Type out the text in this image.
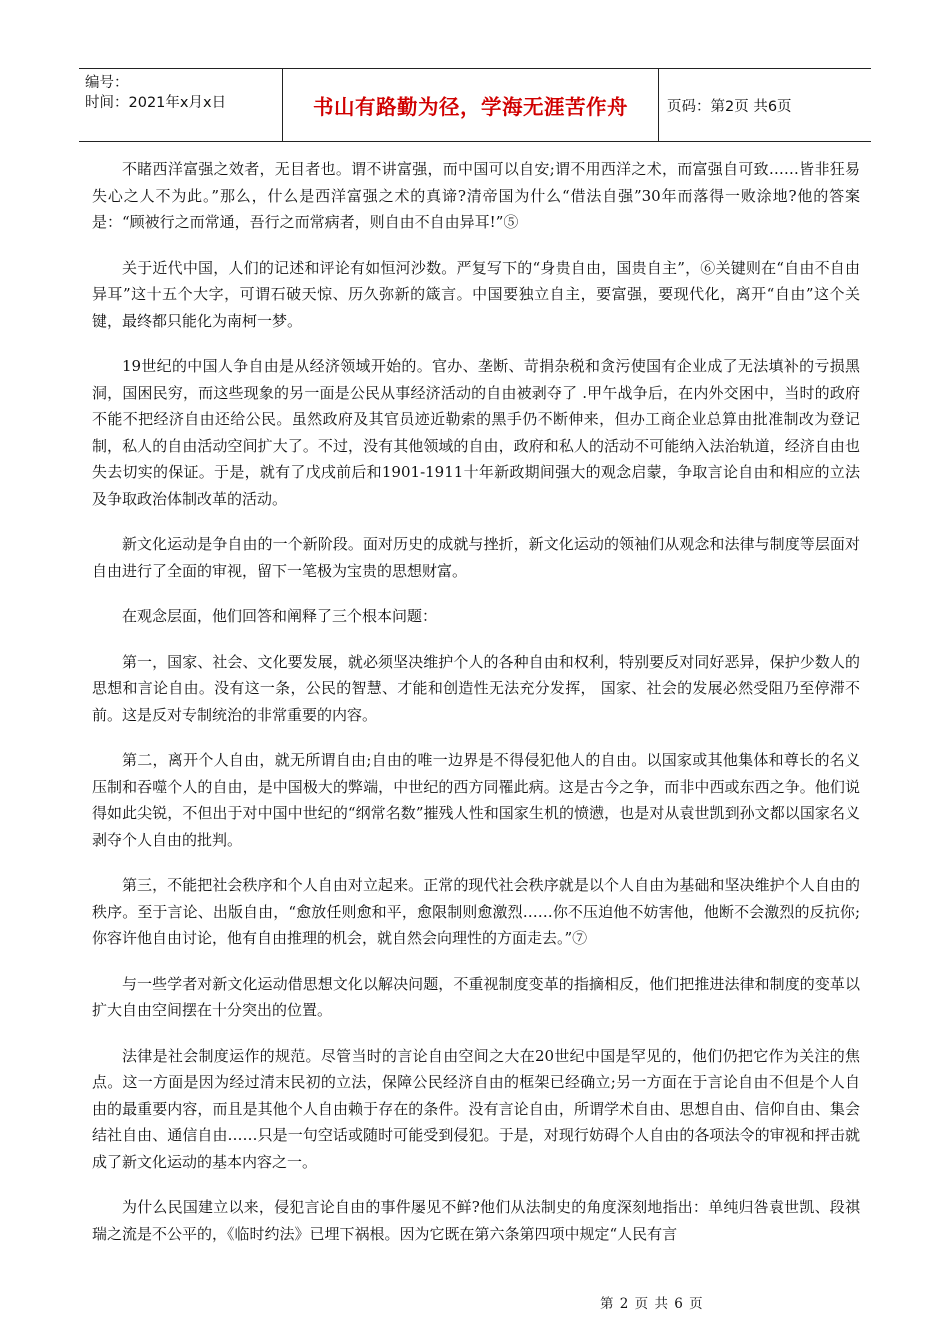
编号：
时间：2021年x月x日	书山有路勤为径，学海无涯苦作舟	页码：第2页 共6页

不睹西洋富强之效者，无目者也。谓不讲富强，而中国可以自安;谓不用西洋之术，而富强自可致……皆非狂易失心之人不为此。”那么，什么是西洋富强之术的真谛?清帝国为什么“借法自强”30年而落得一败涂地?他的答案是：“顾被行之而常通，吾行之而常病者，则自由不自由异耳!”⑤

关于近代中国，人们的记述和评论有如恒河沙数。严复写下的“身贵自由，国贵自主”，⑥关键则在“自由不自由异耳”这十五个大字，可谓石破天惊、历久弥新的箴言。中国要独立自主，要富强，要现代化，离开“自由”这个关键，最终都只能化为南柯一梦。

19世纪的中国人争自由是从经济领域开始的。官办、垄断、苛捐杂税和贪污使国有企业成了无法填补的亏损黑洞，国困民穷，而这些现象的另一面是公民从事经济活动的自由被剥夺了 .甲午战争后，在内外交困中，当时的政府不能不把经济自由还给公民。虽然政府及其官员迹近勒索的黑手仍不断伸来，但办工商企业总算由批准制改为登记制，私人的自由活动空间扩大了。不过，没有其他领域的自由，政府和私人的活动不可能纳入法治轨道，经济自由也失去切实的保证。于是，就有了戊戌前后和1901-1911十年新政期间强大的观念启蒙，争取言论自由和相应的立法及争取政治体制改革的活动。

新文化运动是争自由的一个新阶段。面对历史的成就与挫折，新文化运动的领袖们从观念和法律与制度等层面对自由进行了全面的审视，留下一笔极为宝贵的思想财富。

在观念层面，他们回答和阐释了三个根本问题：

第一，国家、社会、文化要发展，就必须坚决维护个人的各种自由和权利，特别要反对同好恶异，保护少数人的思想和言论自由。没有这一条，公民的智慧、才能和创造性无法充分发挥， 国家、社会的发展必然受阻乃至停滞不前。这是反对专制统治的非常重要的内容。

第二，离开个人自由，就无所谓自由;自由的唯一边界是不得侵犯他人的自由。以国家或其他集体和尊长的名义压制和吞噬个人的自由，是中国极大的弊端，中世纪的西方同罹此病。这是古今之争，而非中西或东西之争。他们说得如此尖锐，不但出于对中国中世纪的“纲常名数”摧残人性和国家生机的愤懑，也是对从袁世凯到孙文都以国家名义剥夺个人自由的批判。

第三，不能把社会秩序和个人自由对立起来。正常的现代社会秩序就是以个人自由为基础和坚决维护个人自由的秩序。至于言论、出版自由，“愈放任则愈和平，愈限制则愈激烈……你不压迫他不妨害他，他断不会激烈的反抗你;你容许他自由讨论，他有自由推理的机会，就自然会向理性的方面走去。”⑦

与一些学者对新文化运动借思想文化以解决问题，不重视制度变革的指摘相反，他们把推进法律和制度的变革以扩大自由空间摆在十分突出的位置。

法律是社会制度运作的规范。尽管当时的言论自由空间之大在20世纪中国是罕见的，他们仍把它作为关注的焦点。这一方面是因为经过清末民初的立法，保障公民经济自由的框架已经确立;另一方面在于言论自由不但是个人自由的最重要内容，而且是其他个人自由赖于存在的条件。没有言论自由，所谓学术自由、思想自由、信仰自由、集会结社自由、通信自由……只是一句空话或随时可能受到侵犯。于是，对现行妨碍个人自由的各项法令的审视和抨击就成了新文化运动的基本内容之一。

为什么民国建立以来，侵犯言论自由的事件屡见不鲜?他们从法制史的角度深刻地指出：单纯归咎袁世凯、段祺瑞之流是不公平的，《临时约法》已埋下祸根。因为它既在第六条第四项中规定“人民有言

第 2 页 共 6 页
